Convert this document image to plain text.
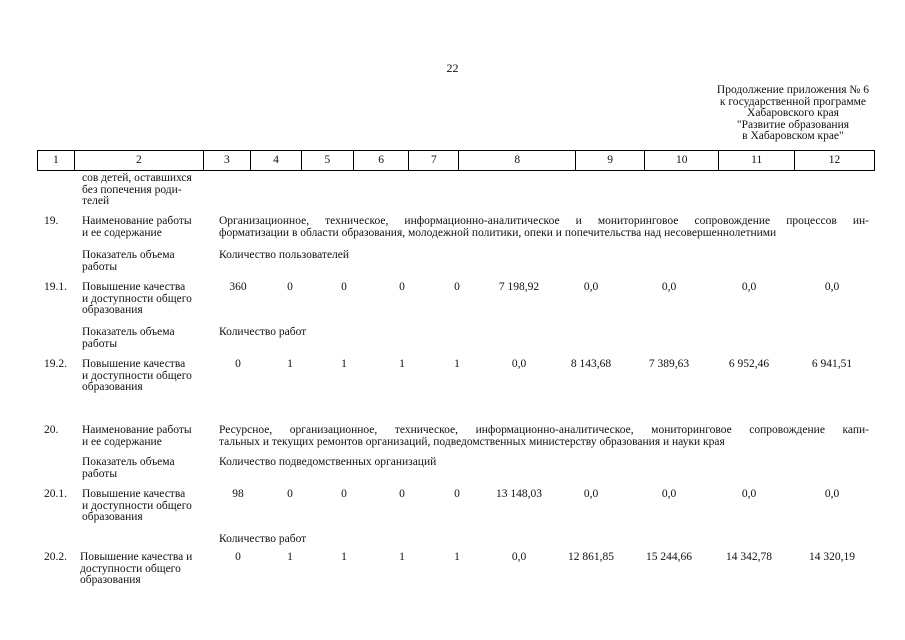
22
Продолжение приложения № 6
к государственной программе
Хабаровского края
"Развитие образования
в Хабаровском крае"
1	2	3	4	5	6	7	8	9	10	11	12
сов детей, оставшихся
без попечения роди-
телей
19. Наименование работы
и ее содержание
Организационное, техническое, информационно-аналитическое и мониторинговое сопровождение процессов ин-
форматизации в области образования, молодежной политики, опеки и попечительства над несовершеннолетними
Показатель объема
работы
Количество пользователей
19.1. Повышение качества
и доступности общего
образования
360	0	0	0	0	7 198,92	0,0	0,0	0,0	0,0
Показатель объема
работы
Количество работ
19.2. Повышение качества
и доступности общего
образования
0	1	1	1	1	0,0	8 143,68	7 389,63	6 952,46	6 941,51
20. Наименование работы
и ее содержание
Ресурсное, организационное, техническое, информационно-аналитическое, мониторинговое сопровождение капи-
тальных и текущих ремонтов организаций, подведомственных министерству образования и науки края
Показатель объема
работы
Количество подведомственных организаций
20.1. Повышение качества
и доступности общего
образования
98	0	0	0	0	13 148,03	0,0	0,0	0,0	0,0
Количество работ
20.2. Повышение качества и
доступности общего
образования
0	1	1	1	1	0,0	12 861,85	15 244,66	14 342,78	14 320,19
